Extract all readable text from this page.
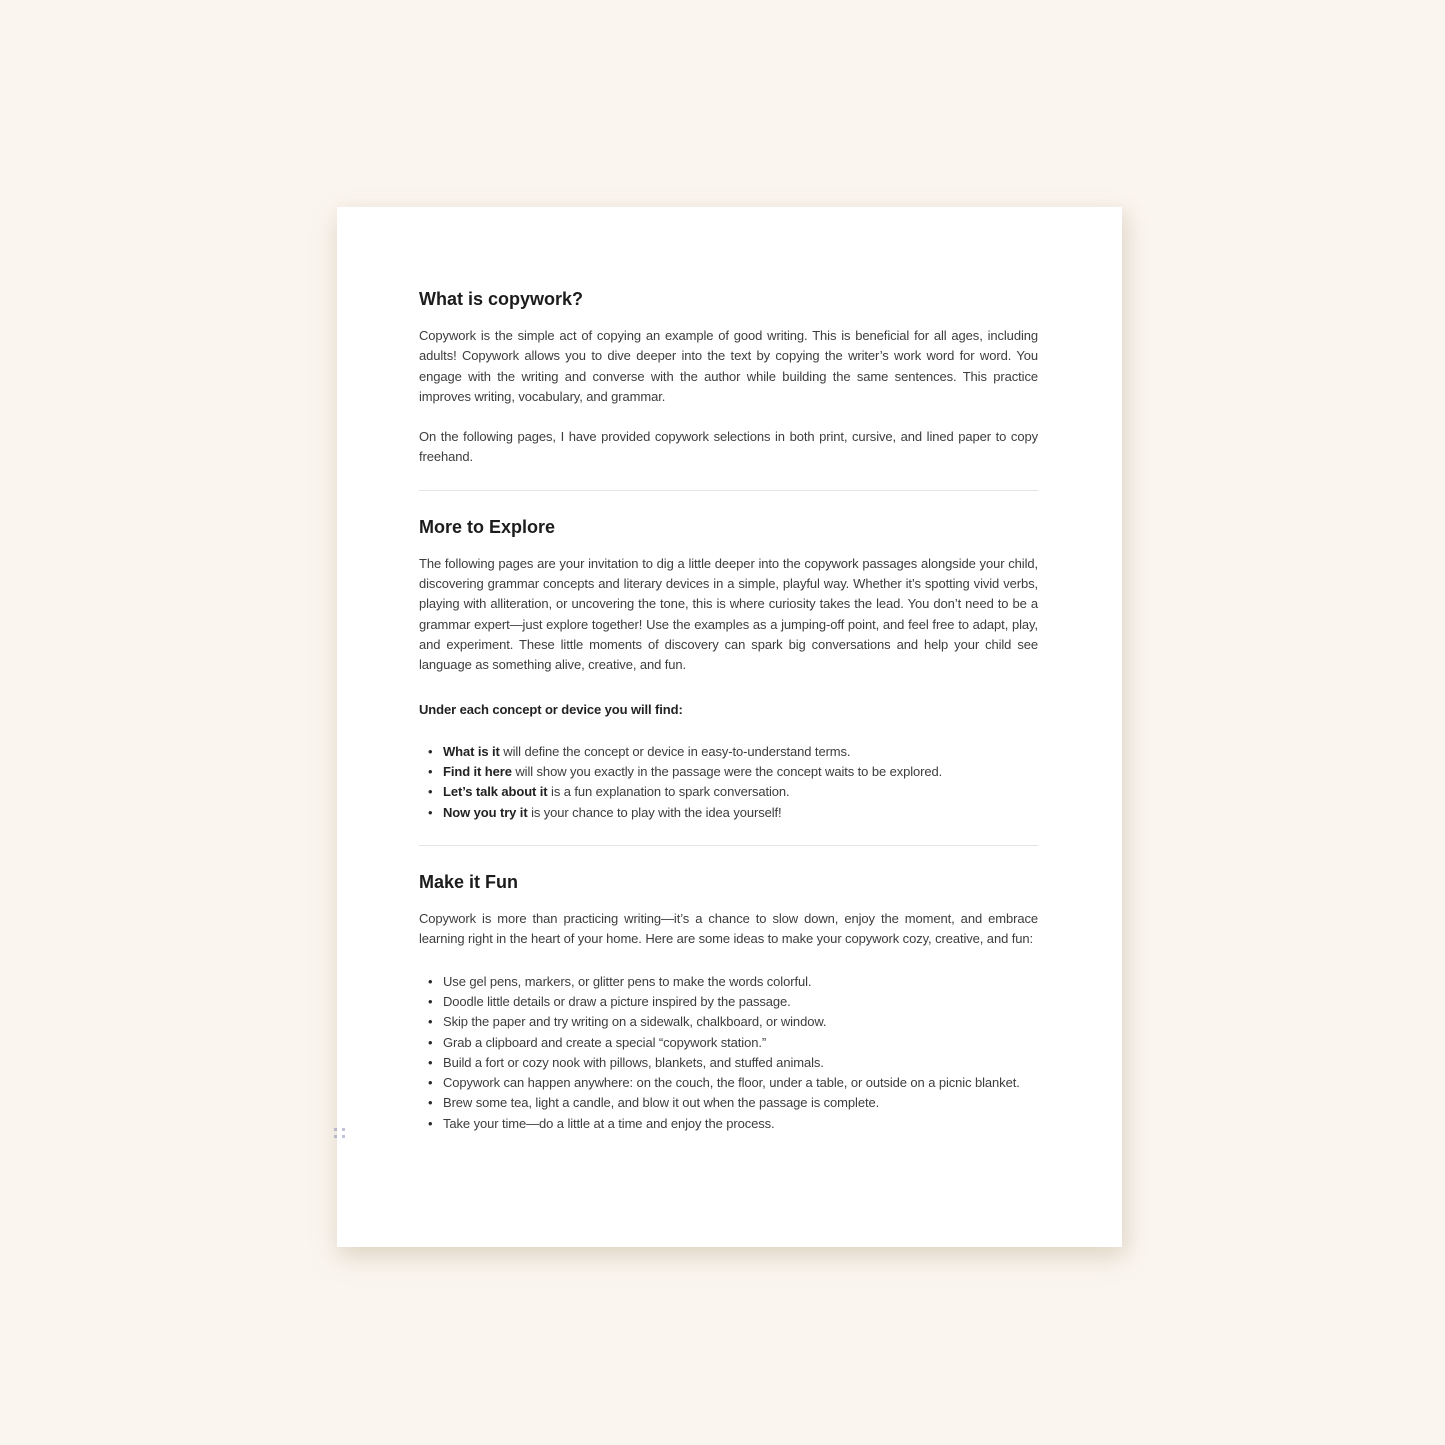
What is copywork?

Copywork is the simple act of copying an example of good writing. This is beneficial for all ages, including adults! Copywork allows you to dive deeper into the text by copying the writer’s work word for word. You engage with the writing and converse with the author while building the same sentences. This practice improves writing, vocabulary, and grammar.

On the following pages, I have provided copywork selections in both print, cursive, and lined paper to copy freehand.

More to Explore

The following pages are your invitation to dig a little deeper into the copywork passages alongside your child, discovering grammar concepts and literary devices in a simple, playful way. Whether it’s spotting vivid verbs, playing with alliteration, or uncovering the tone, this is where curiosity takes the lead. You don’t need to be a grammar expert—just explore together! Use the examples as a jumping-off point, and feel free to adapt, play, and experiment. These little moments of discovery can spark big conversations and help your child see language as something alive, creative, and fun.

Under each concept or device you will find:

• What is it will define the concept or device in easy-to-understand terms.
• Find it here will show you exactly in the passage were the concept waits to be explored.
• Let’s talk about it is a fun explanation to spark conversation.
• Now you try it is your chance to play with the idea yourself!
Make it Fun

Copywork is more than practicing writing—it’s a chance to slow down, enjoy the moment, and embrace learning right in the heart of your home. Here are some ideas to make your copywork cozy, creative, and fun:

• Use gel pens, markers, or glitter pens to make the words colorful.
• Doodle little details or draw a picture inspired by the passage.
• Skip the paper and try writing on a sidewalk, chalkboard, or window.
• Grab a clipboard and create a special “copywork station.”
• Build a fort or cozy nook with pillows, blankets, and stuffed animals.
• Copywork can happen anywhere: on the couch, the floor, under a table, or outside on a picnic blanket.
• Brew some tea, light a candle, and blow it out when the passage is complete.
• Take your time—do a little at a time and enjoy the process.
